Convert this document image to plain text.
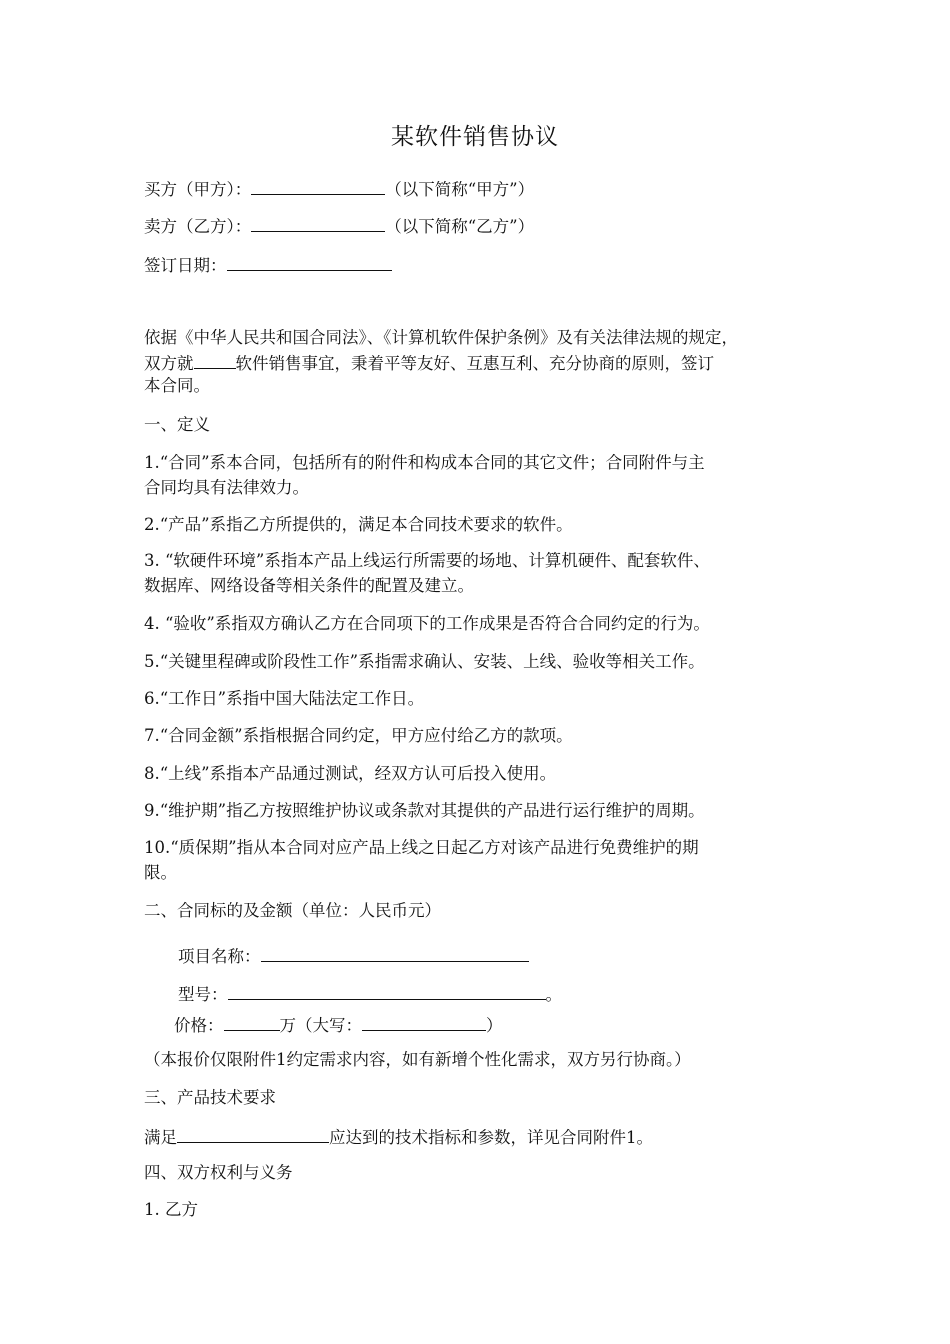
某软件销售协议
买方（甲方）：	（以下简称“甲方”）
卖方（乙方）：	（以下简称“乙方”）
签订日期：
依据《中华人民共和国合同法》、《计算机软件保护条例》及有关法律法规的规定，
双方就	软件销售事宜，秉着平等友好、互惠互利、充分协商的原则，签订
本合同。
一、定义
1.“合同”系本合同，包括所有的附件和构成本合同的其它文件；合同附件与主
合同均具有法律效力。
2.“产品”系指乙方所提供的，满足本合同技术要求的软件。
3. “软硬件环境”系指本产品上线运行所需要的场地、计算机硬件、配套软件、
数据库、网络设备等相关条件的配置及建立。
4. “验收”系指双方确认乙方在合同项下的工作成果是否符合合同约定的行为。
5.“关键里程碑或阶段性工作”系指需求确认、安装、上线、验收等相关工作。
6.“工作日”系指中国大陆法定工作日。
7.“合同金额”系指根据合同约定，甲方应付给乙方的款项。
8.“上线”系指本产品通过测试，经双方认可后投入使用。
9.“维护期”指乙方按照维护协议或条款对其提供的产品进行运行维护的周期。
10.“质保期”指从本合同对应产品上线之日起乙方对该产品进行免费维护的期
限。
二、合同标的及金额（单位：人民币元）
项目名称：
型号：	。
价格：	万（大写：	）
（本报价仅限附件1约定需求内容，如有新增个性化需求，双方另行协商。）
三、产品技术要求
满足	应达到的技术指标和参数，详见合同附件1。
四、双方权利与义务
1. 乙方
